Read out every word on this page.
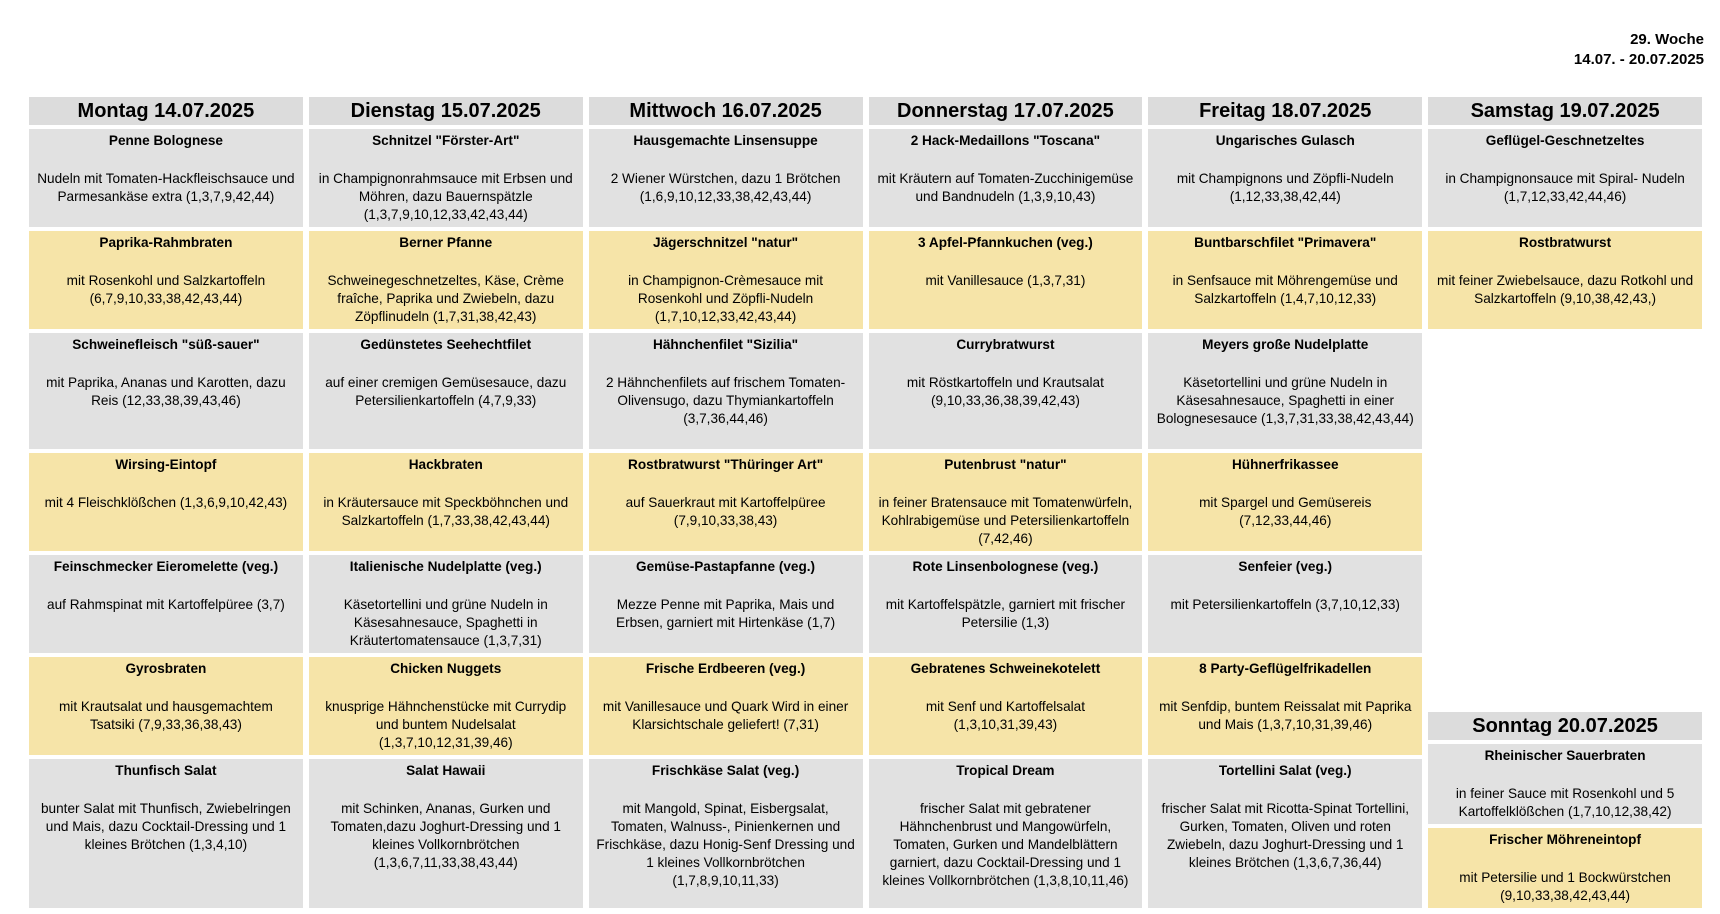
29. Woche
14.07. - 20.07.2025
Montag 14.07.2025
Penne Bolognese
Nudeln mit Tomaten-Hackfleischsauce und Parmesankäse extra (1,3,7,9,42,44)
Paprika-Rahmbraten
mit Rosenkohl und Salzkartoffeln (6,7,9,10,33,38,42,43,44)
Schweinefleisch "süß-sauer"
mit Paprika, Ananas und Karotten, dazu Reis (12,33,38,39,43,46)
Wirsing-Eintopf
mit 4 Fleischklößchen (1,3,6,9,10,42,43)
Feinschmecker Eieromelette (veg.)
auf Rahmspinat mit Kartoffelpüree (3,7)
Gyrosbraten
mit Krautsalat und hausgemachtem Tsatsiki (7,9,33,36,38,43)
Thunfisch Salat
bunter Salat mit Thunfisch, Zwiebelringen und Mais, dazu Cocktail-Dressing und 1 kleines Brötchen (1,3,4,10)
Dienstag 15.07.2025
Schnitzel "Förster-Art"
in Champignonrahmsauce mit Erbsen und Möhren, dazu Bauernspätzle (1,3,7,9,10,12,33,42,43,44)
Berner Pfanne
Schweinegeschnetzeltes, Käse, Crème fraîche, Paprika und Zwiebeln, dazu Zöpflinudeln (1,7,31,38,42,43)
Gedünstetes Seehechtfilet
auf einer cremigen Gemüsesauce, dazu Petersilienkartoffeln (4,7,9,33)
Hackbraten
in Kräutersauce mit Speckböhnchen und Salzkartoffeln (1,7,33,38,42,43,44)
Italienische Nudelplatte (veg.)
Käsetortellini und grüne Nudeln in Käsesahnesauce, Spaghetti in Kräutertomatensauce (1,3,7,31)
Chicken Nuggets
knusprige Hähnchenstücke mit Currydip und buntem Nudelsalat (1,3,7,10,12,31,39,46)
Salat Hawaii
mit Schinken, Ananas, Gurken und Tomaten,dazu Joghurt-Dressing und 1 kleines Vollkornbrötchen (1,3,6,7,11,33,38,43,44)
Mittwoch 16.07.2025
Hausgemachte Linsensuppe
2 Wiener Würstchen, dazu 1 Brötchen (1,6,9,10,12,33,38,42,43,44)
Jägerschnitzel "natur"
in Champignon-Crèmesauce mit Rosenkohl und Zöpfli-Nudeln (1,7,10,12,33,42,43,44)
Hähnchenfilet "Sizilia"
2 Hähnchenfilets auf frischem Tomaten-Olivensugo, dazu Thymiankartoffeln (3,7,36,44,46)
Rostbratwurst "Thüringer Art"
auf Sauerkraut mit Kartoffelpüree (7,9,10,33,38,43)
Gemüse-Pastapfanne (veg.)
Mezze Penne mit Paprika, Mais und Erbsen, garniert mit Hirtenkäse (1,7)
Frische Erdbeeren (veg.)
mit Vanillesauce und Quark Wird in einer Klarsichtschale geliefert! (7,31)
Frischkäse Salat (veg.)
mit Mangold, Spinat, Eisbergsalat, Tomaten, Walnuss-, Pinienkernen und Frischkäse, dazu Honig-Senf Dressing und 1 kleines Vollkornbrötchen (1,7,8,9,10,11,33)
Donnerstag 17.07.2025
2 Hack-Medaillons "Toscana"
mit Kräutern auf Tomaten-Zucchinigemüse und Bandnudeln (1,3,9,10,43)
3 Apfel-Pfannkuchen (veg.)
mit Vanillesauce (1,3,7,31)
Currybratwurst
mit Röstkartoffeln und Krautsalat (9,10,33,36,38,39,42,43)
Putenbrust "natur"
in feiner Bratensauce mit Tomatenwürfeln, Kohlrabigemüse und Petersilienkartoffeln (7,42,46)
Rote Linsenbolognese (veg.)
mit Kartoffelspätzle, garniert mit frischer Petersilie (1,3)
Gebratenes Schweinekotelett
mit Senf und Kartoffelsalat (1,3,10,31,39,43)
Tropical Dream
frischer Salat mit gebratener Hähnchenbrust und Mangowürfeln, Tomaten, Gurken und Mandelblättern garniert, dazu Cocktail-Dressing und 1 kleines Vollkornbrötchen (1,3,8,10,11,46)
Freitag 18.07.2025
Ungarisches Gulasch
mit Champignons und Zöpfli-Nudeln (1,12,33,38,42,44)
Buntbarschfilet "Primavera"
in Senfsauce mit Möhrengemüse und Salzkartoffeln (1,4,7,10,12,33)
Meyers große Nudelplatte
Käsetortellini und grüne Nudeln in Käsesahnesauce, Spaghetti in einer Bolognesesauce (1,3,7,31,33,38,42,43,44)
Hühnerfrikassee
mit Spargel und Gemüsereis (7,12,33,44,46)
Senfeier (veg.)
mit Petersilienkartoffeln (3,7,10,12,33)
8 Party-Geflügelfrikadellen
mit Senfdip, buntem Reissalat mit Paprika und Mais (1,3,7,10,31,39,46)
Tortellini Salat (veg.)
frischer Salat mit Ricotta-Spinat Tortellini, Gurken, Tomaten, Oliven und roten Zwiebeln, dazu Joghurt-Dressing und 1 kleines Brötchen (1,3,6,7,36,44)
Samstag 19.07.2025
Geflügel-Geschnetzeltes
in Champignonsauce mit Spiral- Nudeln (1,7,12,33,42,44,46)
Rostbratwurst
mit feiner Zwiebelsauce, dazu Rotkohl und Salzkartoffeln (9,10,38,42,43,)
Sonntag 20.07.2025
Rheinischer Sauerbraten
in feiner Sauce mit Rosenkohl und 5 Kartoffelklößchen (1,7,10,12,38,42)
Frischer Möhreneintopf
mit Petersilie und 1 Bockwürstchen (9,10,33,38,42,43,44)
